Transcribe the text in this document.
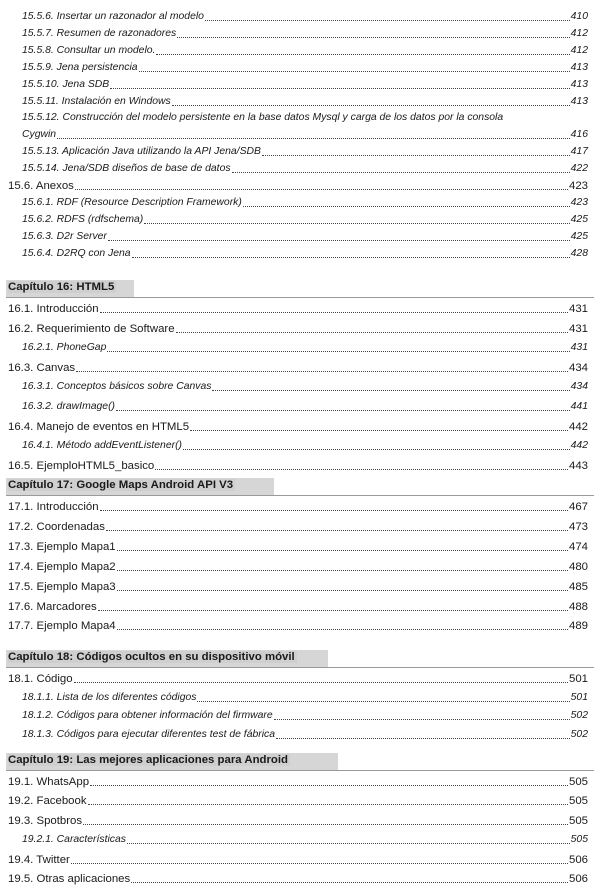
15.5.6. Insertar un razonador al modelo	410
15.5.7. Resumen de razonadores	412
15.5.8. Consultar un modelo.	412
15.5.9. Jena persistencia	413
15.5.10. Jena SDB	413
15.5.11. Instalación en Windows	413
15.5.12. Construcción del modelo persistente en la base datos Mysql y carga de los datos por la consola
Cygwin	416
15.5.13. Aplicación Java utilizando la API Jena/SDB	417
15.5.14. Jena/SDB diseños de base de datos	422
15.6. Anexos	423
15.6.1. RDF (Resource Description Framework)	423
15.6.2. RDFS (rdfschema)	425
15.6.3. D2r Server	425
15.6.4. D2RQ con Jena	428
Capítulo 16: HTML5
16.1. Introducción	431
16.2. Requerimiento de Software	431
16.2.1. PhoneGap	431
16.3. Canvas	434
16.3.1. Conceptos básicos sobre Canvas	434
16.3.2. drawImage()	441
16.4. Manejo de eventos en HTML5	442
16.4.1. Método addEventListener()	442
16.5. EjemploHTML5_basico	443
Capítulo 17: Google Maps Android API V3
17.1. Introducción	467
17.2. Coordenadas	473
17.3. Ejemplo Mapa1	474
17.4. Ejemplo Mapa2	480
17.5. Ejemplo Mapa3	485
17.6. Marcadores	488
17.7. Ejemplo Mapa4	489
Capítulo 18: Códigos ocultos en su dispositivo móvil
18.1. Código	501
18.1.1. Lista de los diferentes códigos	501
18.1.2. Códigos para obtener información del firmware	502
18.1.3. Códigos para ejecutar diferentes test de fábrica	502
Capítulo 19: Las mejores aplicaciones para Android
19.1. WhatsApp	505
19.2. Facebook	505
19.3. Spotbros	505
19.2.1. Características	505
19.4. Twitter	506
19.5. Otras aplicaciones	506
